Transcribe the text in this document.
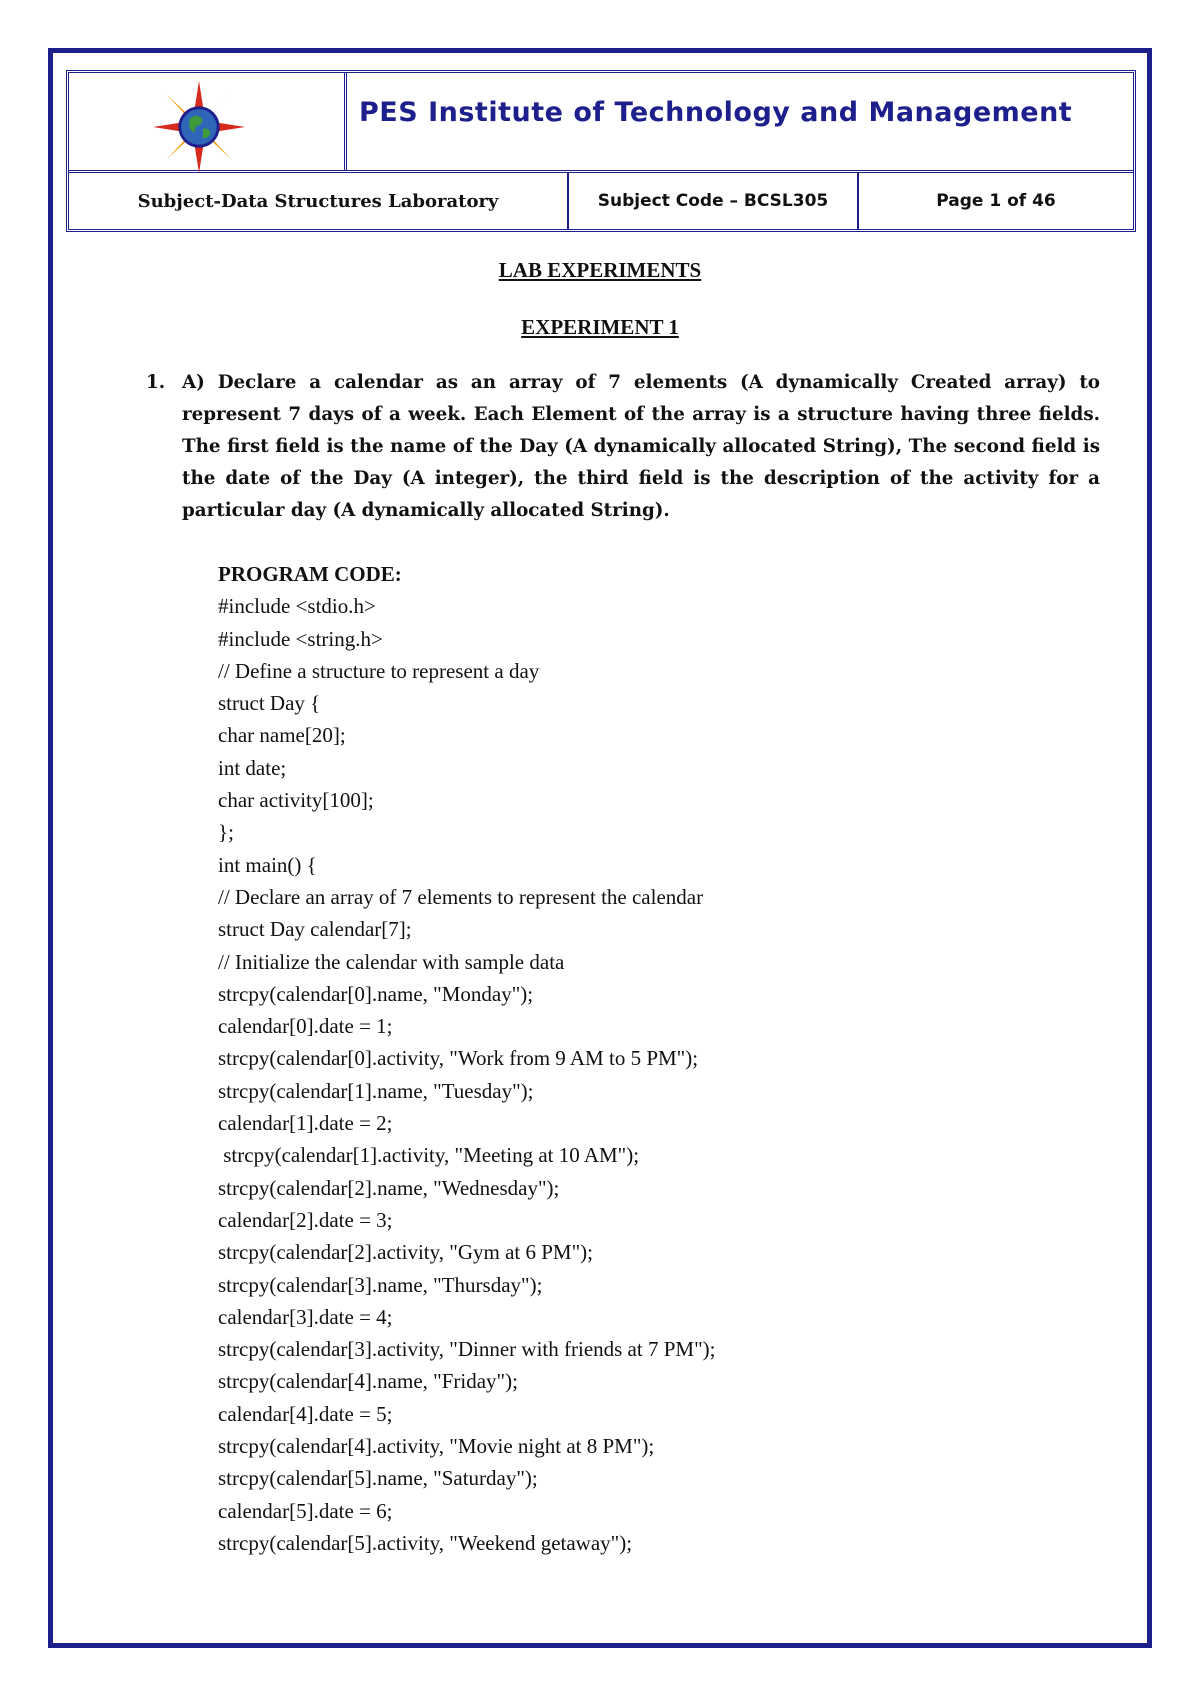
PES Institute of Technology and Management
Subject-Data Structures Laboratory	Subject Code – BCSL305	Page 1 of 46
LAB EXPERIMENTS
EXPERIMENT 1
1. A) Declare a calendar as an array of 7 elements (A dynamically Created array) to represent 7 days of a week. Each Element of the array is a structure having three fields. The first field is the name of the Day (A dynamically allocated String), The second field is the date of the Day (A integer), the third field is the description of the activity for a particular day (A dynamically allocated String).
PROGRAM CODE:
#include <stdio.h>
#include <string.h>
// Define a structure to represent a day
struct Day {
char name[20];
int date;
char activity[100];
};
int main() {
// Declare an array of 7 elements to represent the calendar
struct Day calendar[7];
// Initialize the calendar with sample data
strcpy(calendar[0].name, "Monday");
calendar[0].date = 1;
strcpy(calendar[0].activity, "Work from 9 AM to 5 PM");
strcpy(calendar[1].name, "Tuesday");
calendar[1].date = 2;
strcpy(calendar[1].activity, "Meeting at 10 AM");
strcpy(calendar[2].name, "Wednesday");
calendar[2].date = 3;
strcpy(calendar[2].activity, "Gym at 6 PM");
strcpy(calendar[3].name, "Thursday");
calendar[3].date = 4;
strcpy(calendar[3].activity, "Dinner with friends at 7 PM");
strcpy(calendar[4].name, "Friday");
calendar[4].date = 5;
strcpy(calendar[4].activity, "Movie night at 8 PM");
strcpy(calendar[5].name, "Saturday");
calendar[5].date = 6;
strcpy(calendar[5].activity, "Weekend getaway");
